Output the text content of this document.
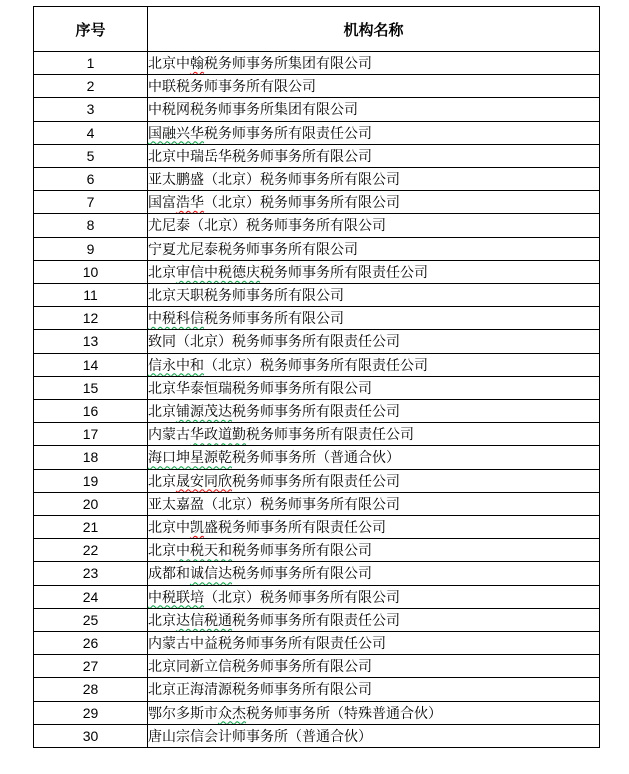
序号	机构名称
1	北京中翰税务师事务所集团有限公司
2	中联税务师事务所有限公司
3	中税网税务师事务所集团有限公司
4	国融兴华税务师事务所有限责任公司
5	北京中瑞岳华税务师事务所有限公司
6	亚太鹏盛（北京）税务师事务所有限公司
7	国富浩华（北京）税务师事务所有限公司
8	尤尼泰（北京）税务师事务所有限公司
9	宁夏尤尼泰税务师事务所有限公司
10	北京审信中税德庆税务师事务所有限责任公司
11	北京天职税务师事务所有限公司
12	中税科信税务师事务所有限公司
13	致同（北京）税务师事务所有限责任公司
14	信永中和（北京）税务师事务所有限责任公司
15	北京华泰恒瑞税务师事务所有限公司
16	北京铺源茂达税务师事务所有限责任公司
17	内蒙古华政道勤税务师事务所有限责任公司
18	海口坤星源乾税务师事务所（普通合伙）
19	北京晟安同欣税务师事务所有限责任公司
20	亚太嘉盈（北京）税务师事务所有限公司
21	北京中凯盛税务师事务所有限责任公司
22	北京中税天和税务师事务所有限公司
23	成都和诚信达税务师事务所有限公司
24	中税联培（北京）税务师事务所有限公司
25	北京达信税通税务师事务所有限责任公司
26	内蒙古中益税务师事务所有限责任公司
27	北京同新立信税务师事务所有限公司
28	北京正海清源税务师事务所有限公司
29	鄂尔多斯市众杰税务师事务所（特殊普通合伙）
30	唐山宗信会计师事务所（普通合伙）
